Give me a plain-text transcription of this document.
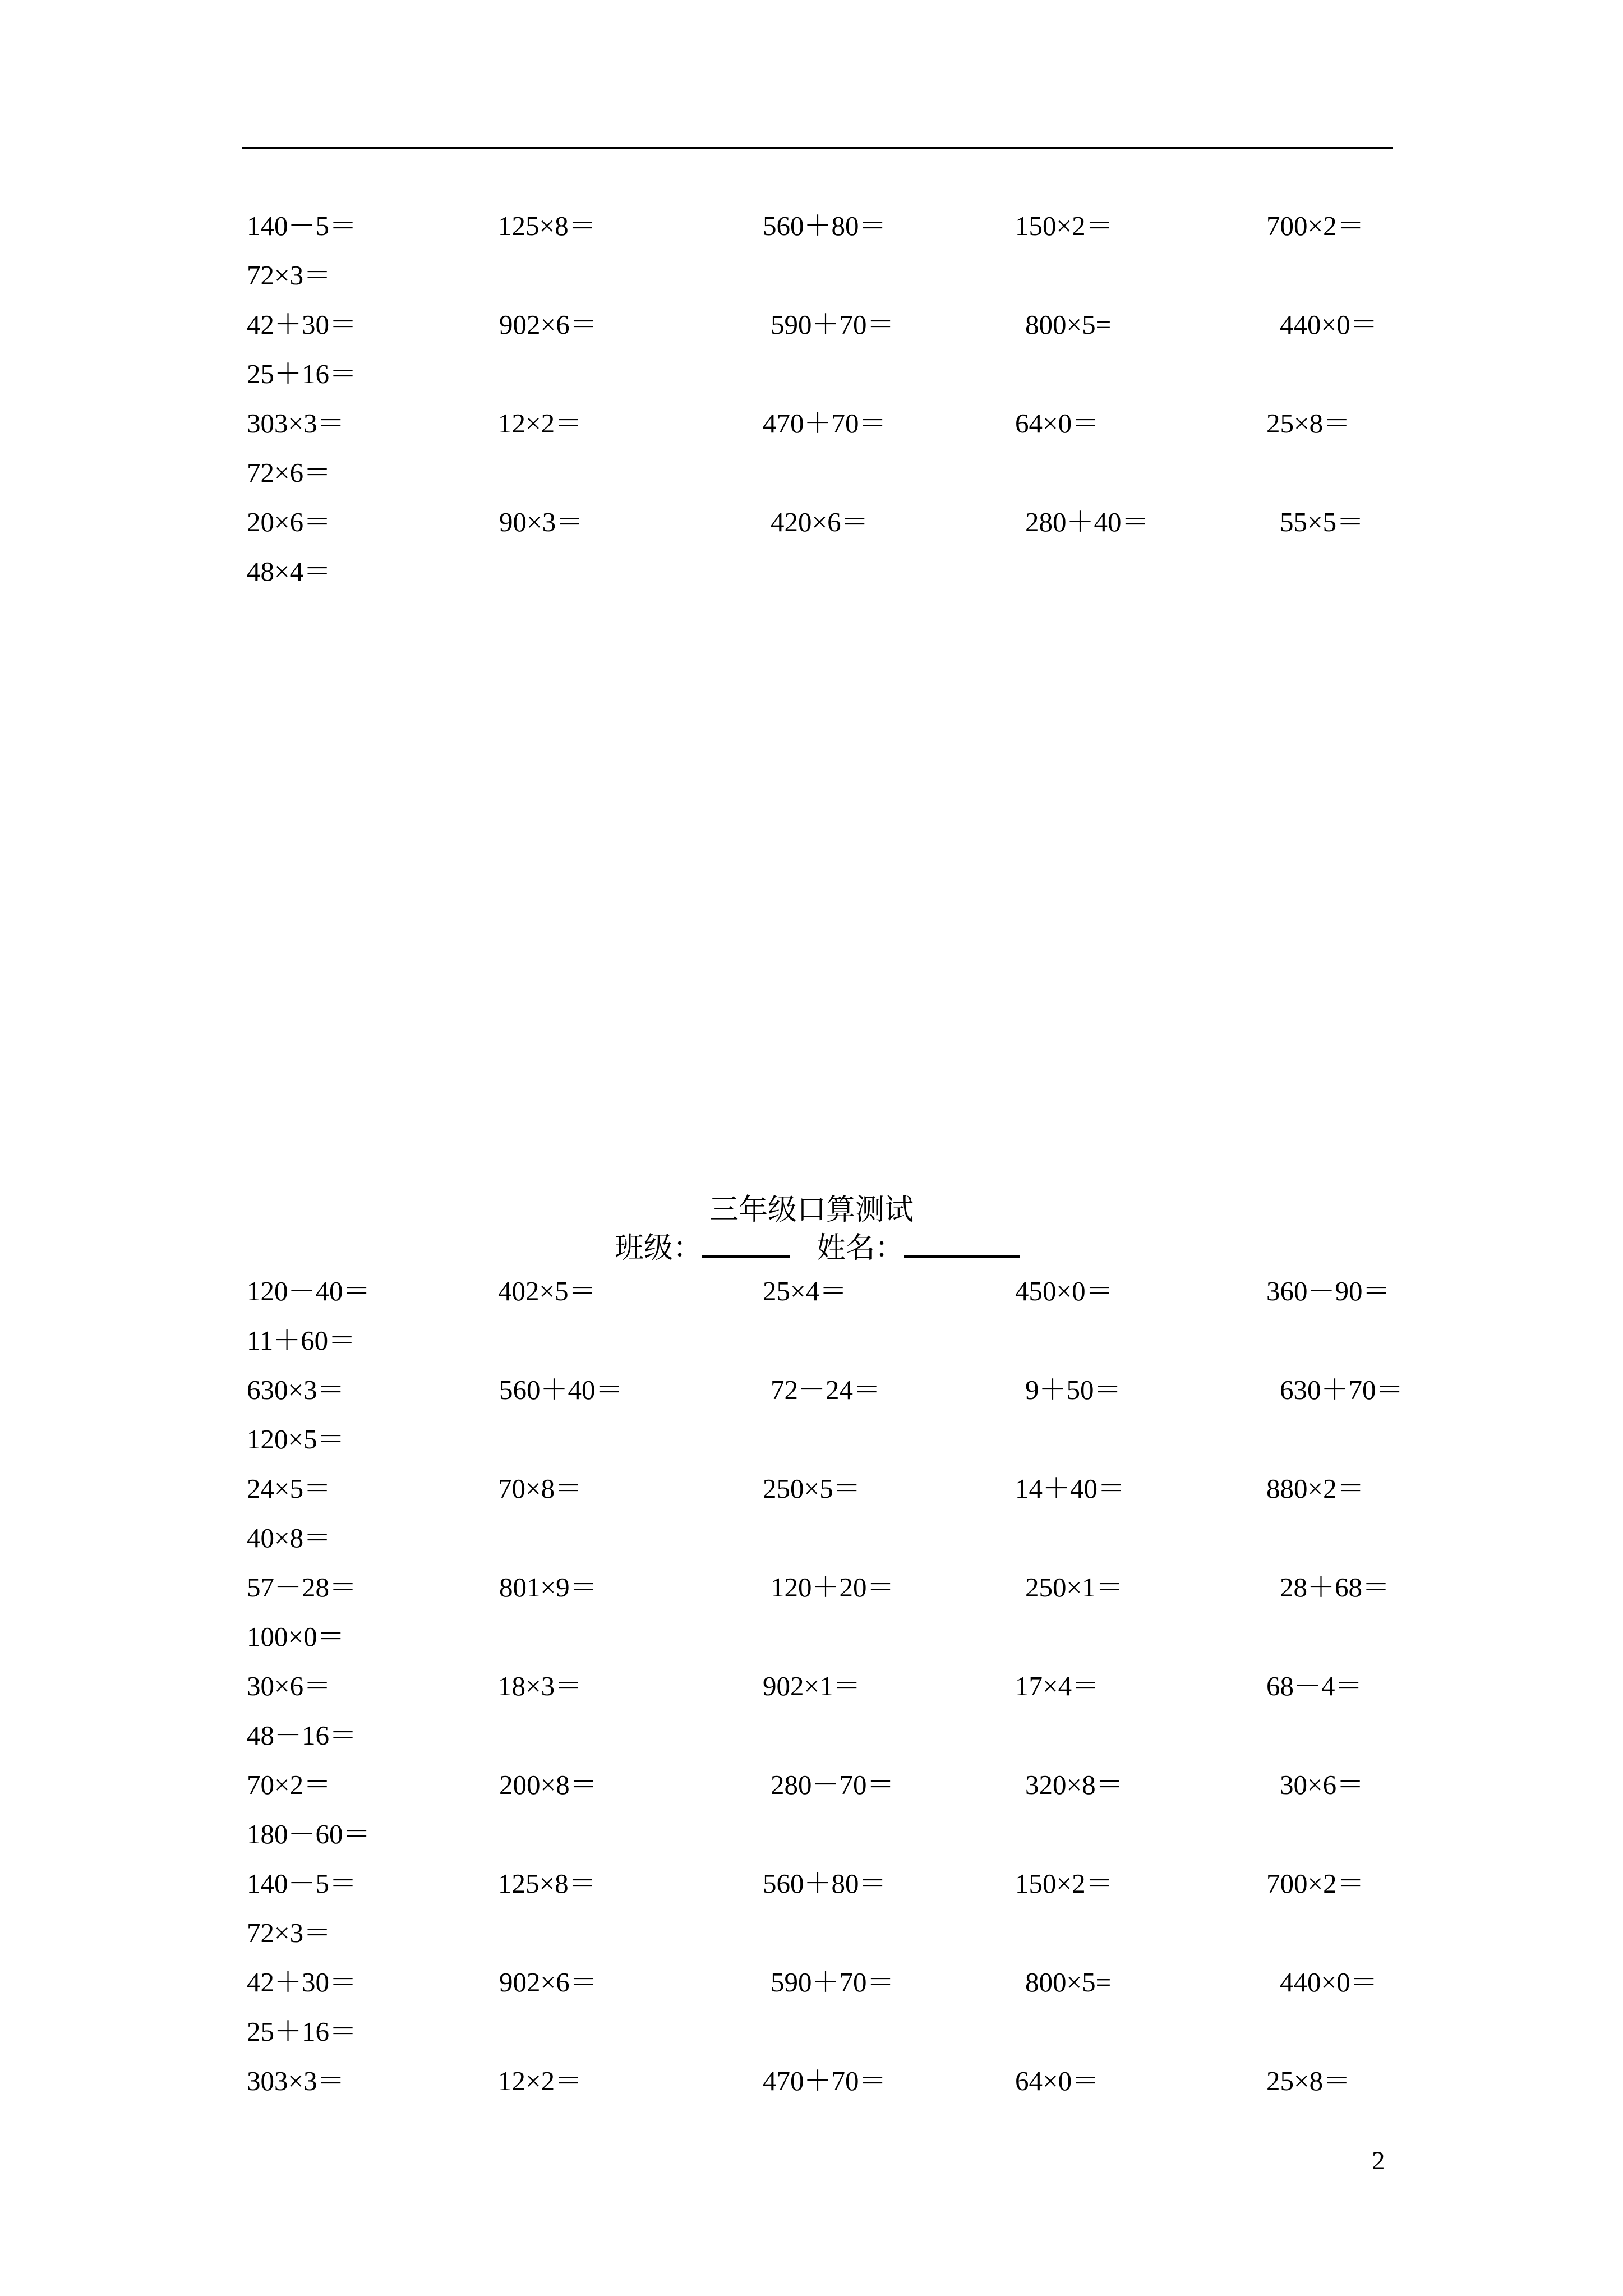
140－5＝	125×8＝	560＋80＝	150×2＝	700×2＝
72×3＝
42＋30＝	902×6＝	590＋70＝	800×5=	440×0＝
25＋16＝
303×3＝	12×2＝	470＋70＝	64×0＝	25×8＝
72×6＝
20×6＝	90×3＝	420×6＝	280＋40＝	55×5＝
48×4＝
三年级口算测试
班级：	姓名：
120－40＝	402×5＝	25×4＝	450×0＝	360－90＝
11＋60＝
630×3＝	560＋40＝	72－24＝	9＋50＝	630＋70＝
120×5＝
24×5＝	70×8＝	250×5＝	14＋40＝	880×2＝
40×8＝
57－28＝	801×9＝	120＋20＝	250×1＝	28＋68＝
100×0＝
30×6＝	18×3＝	902×1＝	17×4＝	68－4＝
48－16＝
70×2＝	200×8＝	280－70＝	320×8＝	30×6＝
180－60＝
140－5＝	125×8＝	560＋80＝	150×2＝	700×2＝
72×3＝
42＋30＝	902×6＝	590＋70＝	800×5=	440×0＝
25＋16＝
303×3＝	12×2＝	470＋70＝	64×0＝	25×8＝
2
